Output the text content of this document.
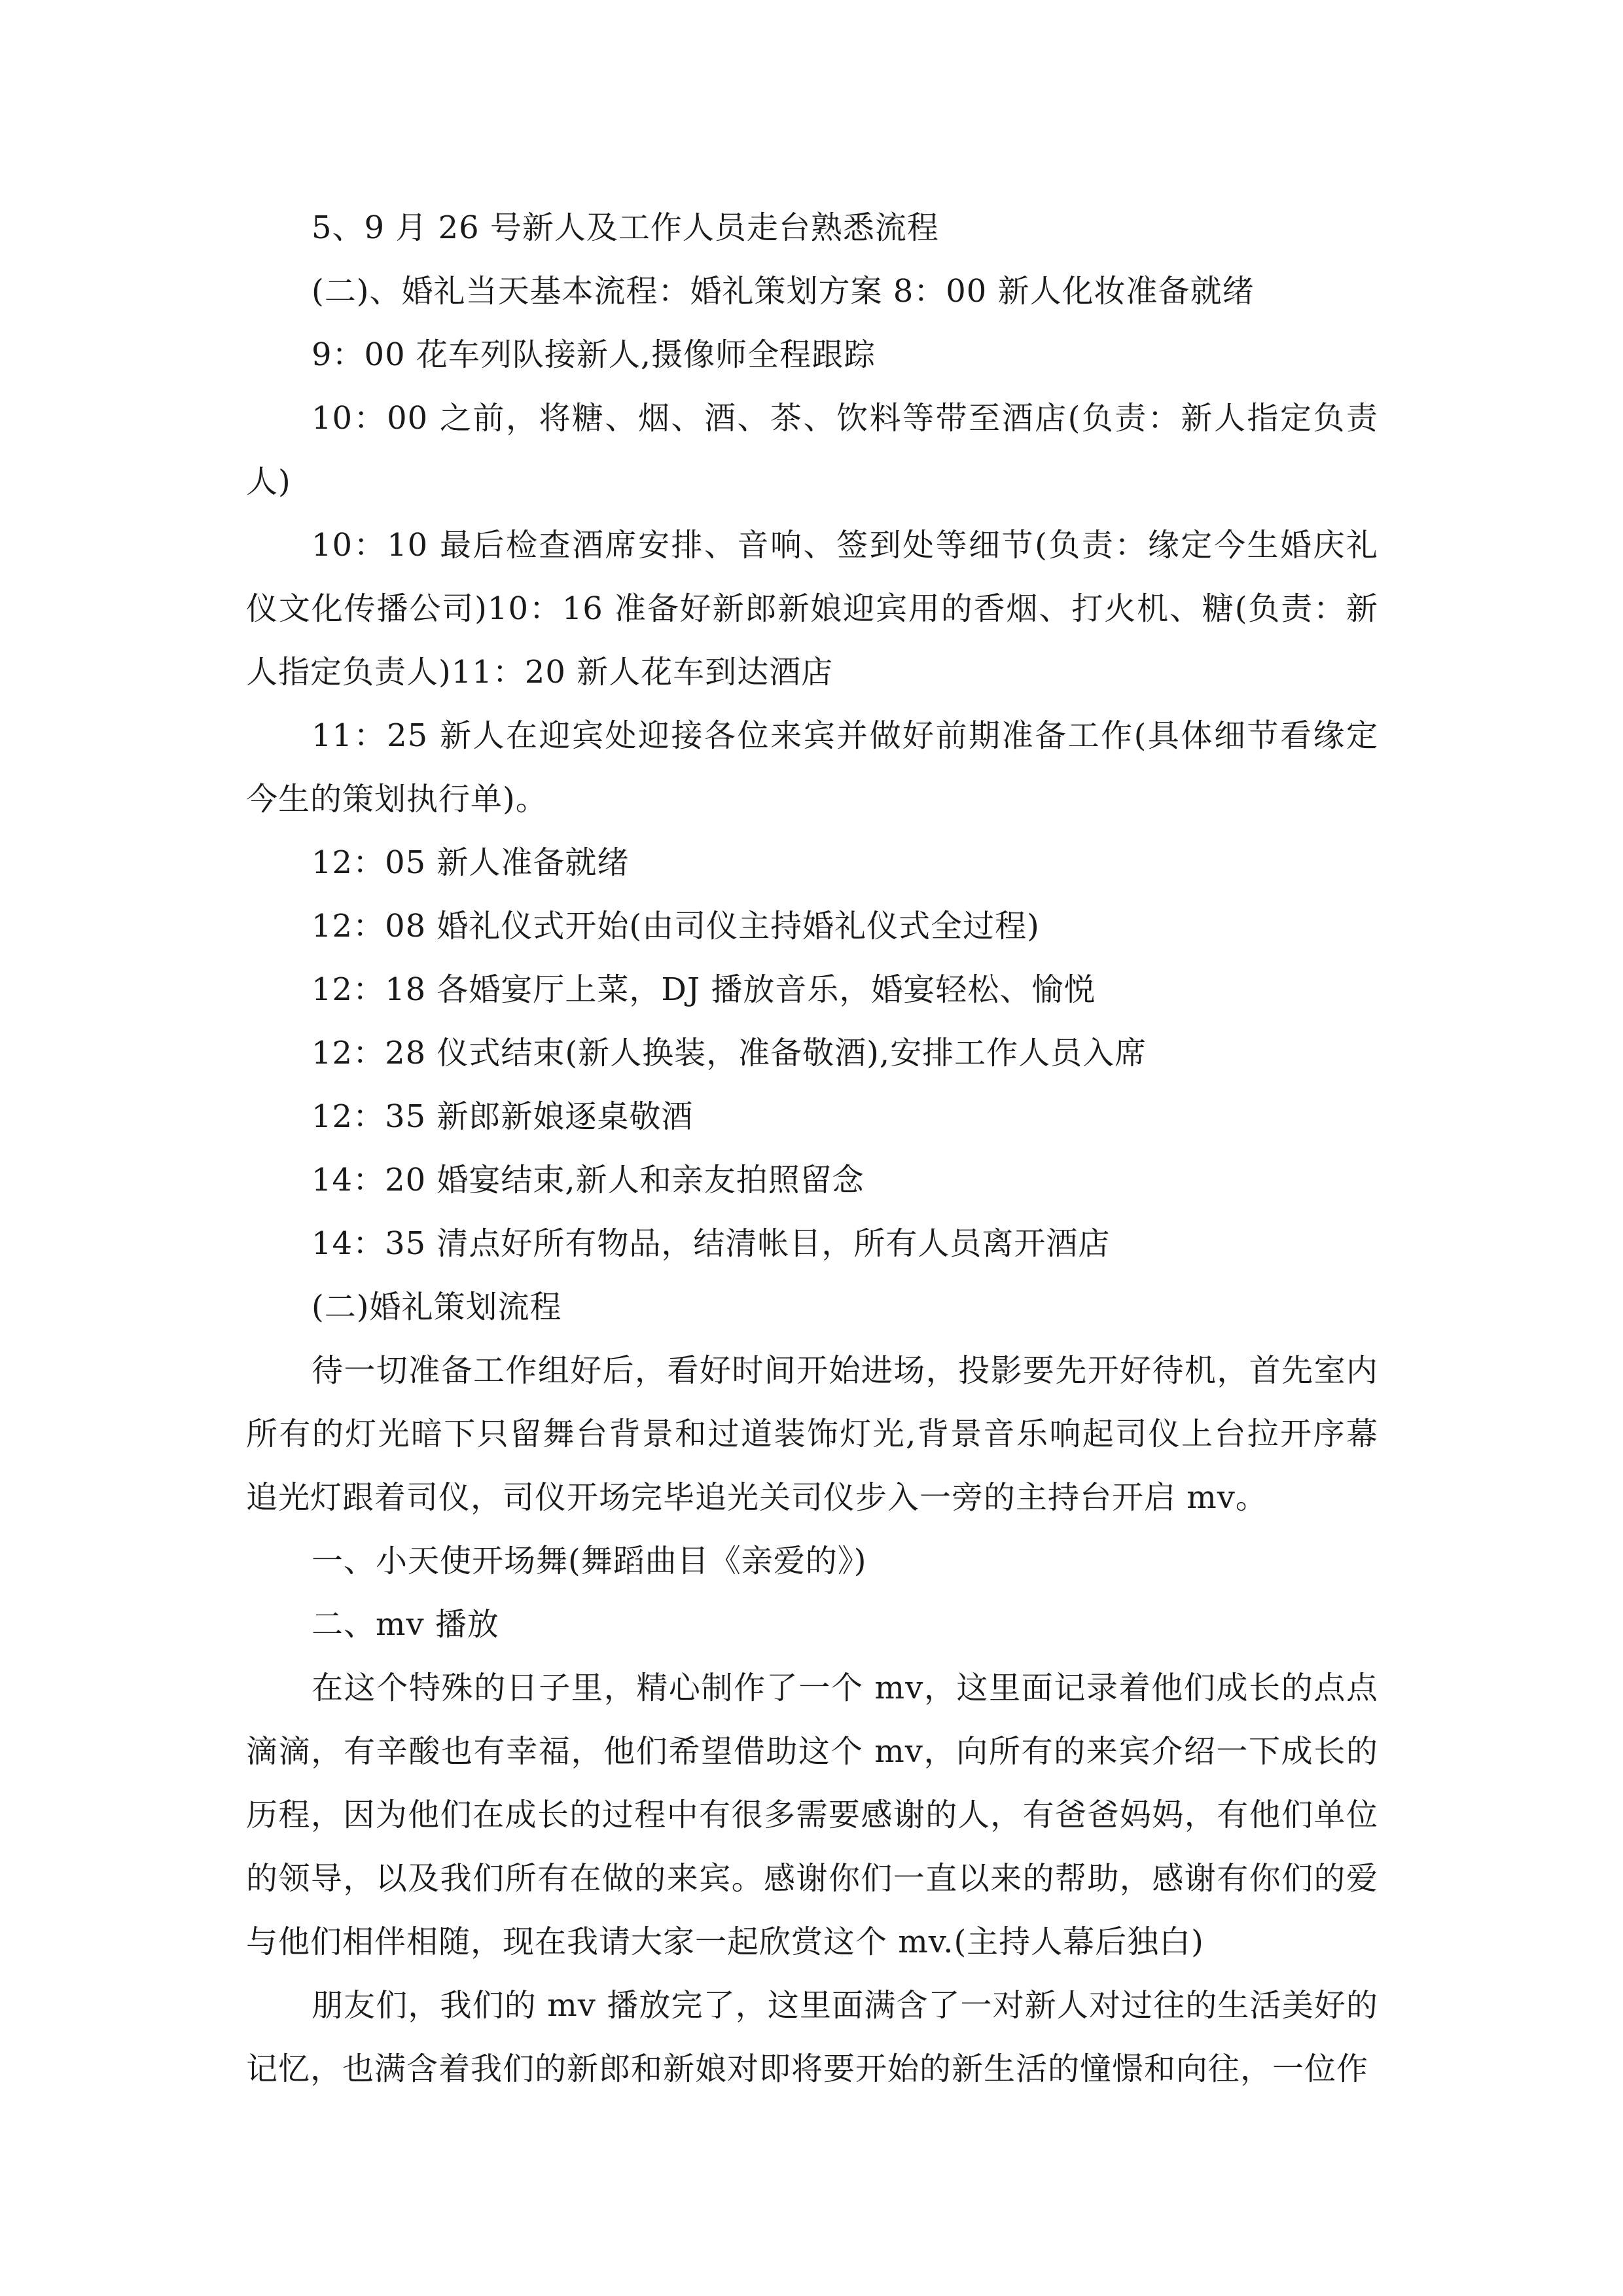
5、9 月 26 号新人及工作人员走台熟悉流程

(二)、婚礼当天基本流程：婚礼策划方案 8：00 新人化妆准备就绪

9：00 花车列队接新人,摄像师全程跟踪

10：00 之前，将糖、烟、酒、茶、饮料等带至酒店(负责：新人指定负责人)

10：10 最后检查酒席安排、音响、签到处等细节(负责：缘定今生婚庆礼仪文化传播公司)10：16 准备好新郎新娘迎宾用的香烟、打火机、糖(负责：新人指定负责人)11：20 新人花车到达酒店

11：25 新人在迎宾处迎接各位来宾并做好前期准备工作(具体细节看缘定今生的策划执行单)。

12：05 新人准备就绪

12：08 婚礼仪式开始(由司仪主持婚礼仪式全过程)

12：18 各婚宴厅上菜，DJ 播放音乐，婚宴轻松、愉悦

12：28 仪式结束(新人换装，准备敬酒),安排工作人员入席

12：35 新郎新娘逐桌敬酒

14：20 婚宴结束,新人和亲友拍照留念

14：35 清点好所有物品，结清帐目，所有人员离开酒店

(二)婚礼策划流程

待一切准备工作组好后，看好时间开始进场，投影要先开好待机，首先室内所有的灯光暗下只留舞台背景和过道装饰灯光,背景音乐响起司仪上台拉开序幕追光灯跟着司仪，司仪开场完毕追光关司仪步入一旁的主持台开启 mv。

一、小天使开场舞(舞蹈曲目《亲爱的》)

二、mv 播放

在这个特殊的日子里，精心制作了一个 mv，这里面记录着他们成长的点点滴滴，有辛酸也有幸福，他们希望借助这个 mv，向所有的来宾介绍一下成长的历程，因为他们在成长的过程中有很多需要感谢的人，有爸爸妈妈，有他们单位的领导，以及我们所有在做的来宾。感谢你们一直以来的帮助，感谢有你们的爱与他们相伴相随，现在我请大家一起欣赏这个 mv.(主持人幕后独白)

朋友们，我们的 mv 播放完了，这里面满含了一对新人对过往的生活美好的记忆，也满含着我们的新郎和新娘对即将要开始的新生活的憧憬和向往，一位作
